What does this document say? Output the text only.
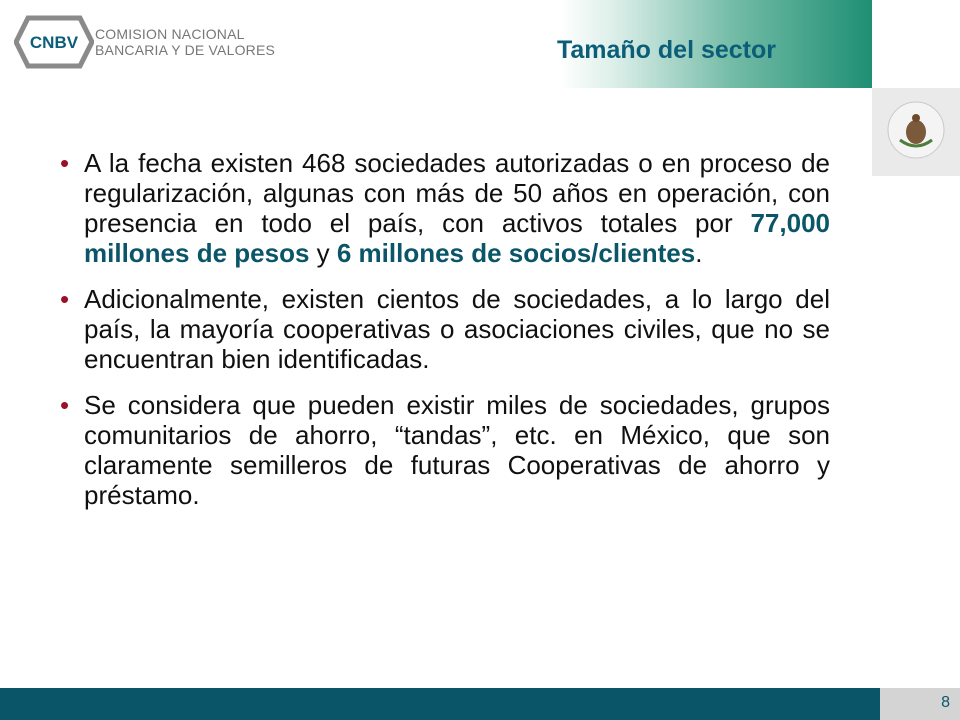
CNBV COMISION NACIONAL
BANCARIA Y DE VALORES	Tamaño del sector
• A la fecha existen 468 sociedades autorizadas o en proceso de regularización, algunas con más de 50 años en operación, con presencia en todo el país, con activos totales por 77,000 millones de pesos y 6 millones de socios/clientes.
• Adicionalmente, existen cientos de sociedades, a lo largo del país, la mayoría cooperativas o asociaciones civiles, que no se encuentran bien identificadas.
• Se considera que pueden existir miles de sociedades, grupos comunitarios de ahorro, “tandas”, etc. en México, que son claramente semilleros de futuras Cooperativas de ahorro y préstamo.
8
